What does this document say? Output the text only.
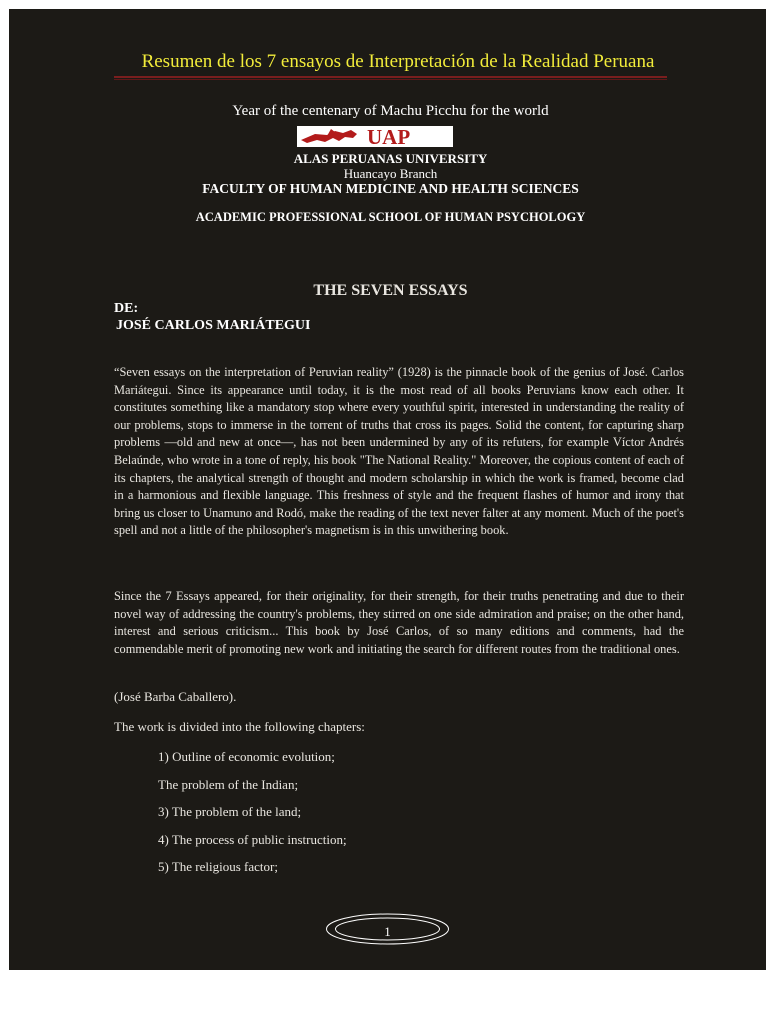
Resumen de los 7 ensayos de Interpretación de la Realidad Peruana
Year of the centenary of Machu Picchu for the world
UAP
ALAS PERUANAS UNIVERSITY
Huancayo Branch
FACULTY OF HUMAN MEDICINE AND HEALTH SCIENCES
ACADEMIC PROFESSIONAL SCHOOL OF HUMAN PSYCHOLOGY
THE SEVEN ESSAYS
DE:
JOSÉ CARLOS MARIÁTEGUI
“Seven essays on the interpretation of Peruvian reality” (1928) is the pinnacle book of the genius of José. Carlos Mariátegui. Since its appearance until today, it is the most read of all books Peruvians know each other. It constitutes something like a mandatory stop where every youthful spirit, interested in understanding the reality of our problems, stops to immerse in the torrent of truths that cross its pages. Solid the content, for capturing sharp problems —old and new at once—, has not been undermined by any of its refuters, for example Víctor Andrés Belaúnde, who wrote in a tone of reply, his book "The National Reality." Moreover, the copious content of each of its chapters, the analytical strength of thought and modern scholarship in which the work is framed, become clad in a harmonious and flexible language. This freshness of style and the frequent flashes of humor and irony that bring us closer to Unamuno and Rodó, make the reading of the text never falter at any moment. Much of the poet's spell and not a little of the philosopher's magnetism is in this unwithering book.
Since the 7 Essays appeared, for their originality, for their strength, for their truths penetrating and due to their novel way of addressing the country's problems, they stirred on one side admiration and praise; on the other hand, interest and serious criticism... This book by José Carlos, of so many editions and comments, had the commendable merit of promoting new work and initiating the search for different routes from the traditional ones.
(José Barba Caballero).
The work is divided into the following chapters:
1) Outline of economic evolution;
The problem of the Indian;
3) The problem of the land;
4) The process of public instruction;
5) The religious factor;
1
